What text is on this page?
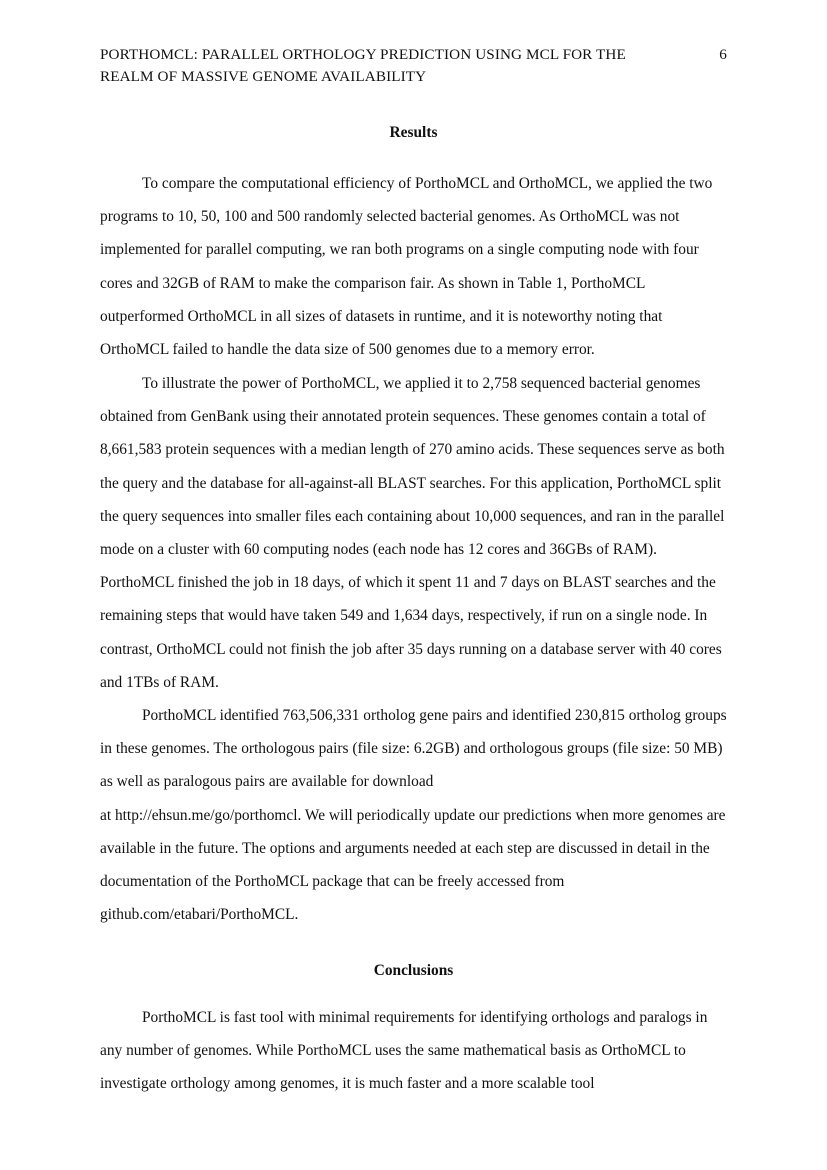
PORTHOMCL: PARALLEL ORTHOLOGY PREDICTION USING MCL FOR THE
REALM OF MASSIVE GENOME AVAILABILITY
6
Results

To compare the computational efficiency of PorthoMCL and OrthoMCL, we applied the two programs to 10, 50, 100 and 500 randomly selected bacterial genomes. As OrthoMCL was not implemented for parallel computing, we ran both programs on a single computing node with four cores and 32GB of RAM to make the comparison fair. As shown in Table 1, PorthoMCL outperformed OrthoMCL in all sizes of datasets in runtime, and it is noteworthy noting that OrthoMCL failed to handle the data size of 500 genomes due to a memory error.

To illustrate the power of PorthoMCL, we applied it to 2,758 sequenced bacterial genomes obtained from GenBank using their annotated protein sequences. These genomes contain a total of 8,661,583 protein sequences with a median length of 270 amino acids. These sequences serve as both the query and the database for all-against-all BLAST searches. For this application, PorthoMCL split the query sequences into smaller files each containing about 10,000 sequences, and ran in the parallel mode on a cluster with 60 computing nodes (each node has 12 cores and 36GBs of RAM). PorthoMCL finished the job in 18 days, of which it spent 11 and 7 days on BLAST searches and the remaining steps that would have taken 549 and 1,634 days, respectively, if run on a single node. In contrast, OrthoMCL could not finish the job after 35 days running on a database server with 40 cores and 1TBs of RAM.

PorthoMCL identified 763,506,331 ortholog gene pairs and identified 230,815 ortholog groups in these genomes. The orthologous pairs (file size: 6.2GB) and orthologous groups (file size: 50 MB) as well as paralogous pairs are available for download

at http://ehsun.me/go/porthomcl. We will periodically update our predictions when more genomes are available in the future. The options and arguments needed at each step are discussed in detail in the documentation of the PorthoMCL package that can be freely accessed from github.com/etabari/PorthoMCL.

Conclusions

PorthoMCL is fast tool with minimal requirements for identifying orthologs and paralogs in any number of genomes. While PorthoMCL uses the same mathematical basis as OrthoMCL to investigate orthology among genomes, it is much faster and a more scalable tool
